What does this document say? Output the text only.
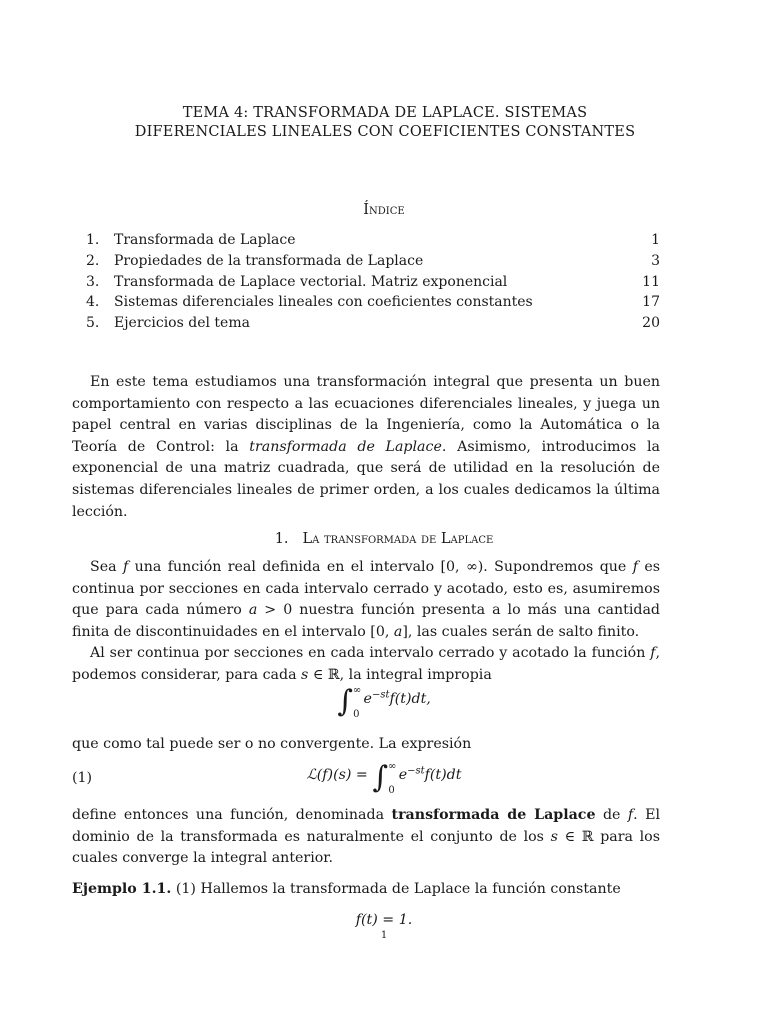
TEMA 4: TRANSFORMADA DE LAPLACE. SISTEMAS
DIFERENCIALES LINEALES CON COEFICIENTES CONSTANTES
Índice
1.	Transformada de Laplace	1
2.	Propiedades de la transformada de Laplace	3
3.	Transformada de Laplace vectorial. Matriz exponencial	11
4.	Sistemas diferenciales lineales con coeficientes constantes	17
5.	Ejercicios del tema	20

En este tema estudiamos una transformación integral que presenta un buen comportamiento con respecto a las ecuaciones diferenciales lineales, y juega un papel central en varias disciplinas de la Ingeniería, como la Automática o la Teoría de Control: la transformada de Laplace. Asimismo, introducimos la exponencial de una matriz cuadrada, que será de utilidad en la resolución de sistemas diferenciales lineales de primer orden, a los cuales dedicamos la última lección.

1. La transformada de Laplace

Sea f una función real definida en el intervalo [0, ∞). Supondremos que f es continua por secciones en cada intervalo cerrado y acotado, esto es, asumiremos que para cada número a > 0 nuestra función presenta a lo más una cantidad finita de discontinuidades en el intervalo [0, a], las cuales serán de salto finito.

Al ser continua por secciones en cada intervalo cerrado y acotado la función f, podemos considerar, para cada s ∈ ℝ, la integral impropia

$\int^\infty_0e^{-st}f(t)dt$,

que como tal puede ser o no convergente. La expresión

(1)	ℒ(f)(s) = $\int^\infty_0e^{-st}f(t)dt$

define entonces una función, denominada transformada de Laplace de f. El dominio de la transformada es naturalmente el conjunto de los s ∈ ℝ para los cuales converge la integral anterior.

Ejemplo 1.1. (1) Hallemos la transformada de Laplace la función constante

f(t) = 1.
1
